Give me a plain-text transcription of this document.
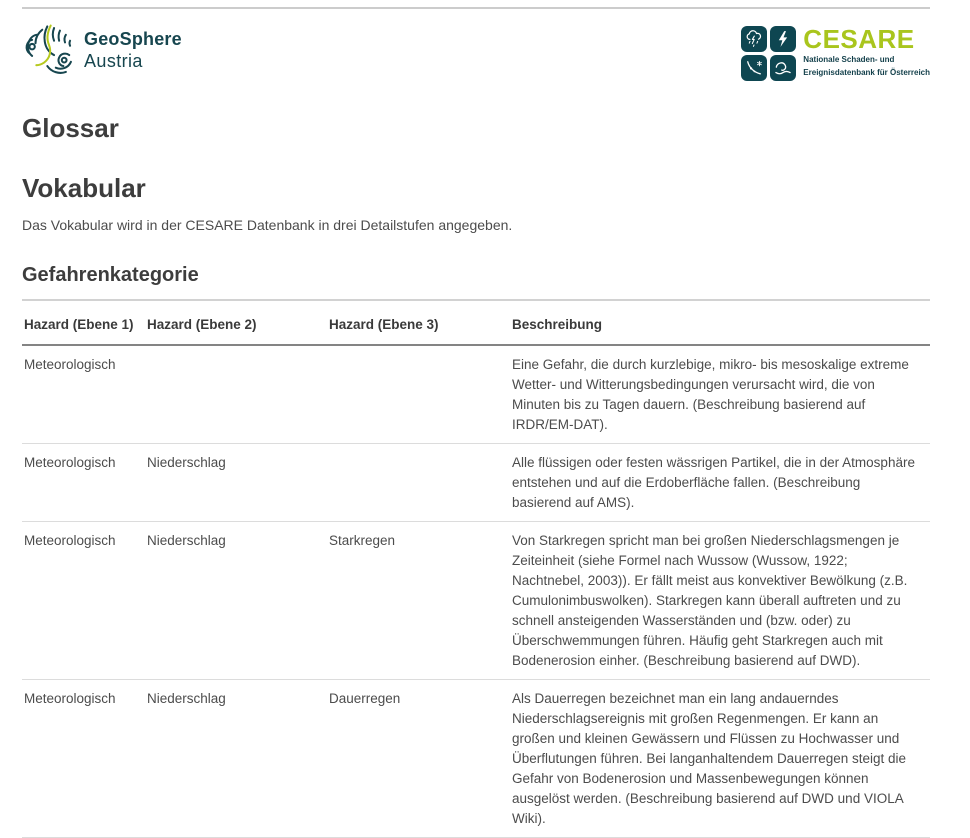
GeoSphere
Austria
CESARE
Nationale Schaden- und
Ereignisdatenbank für Österreich
Glossar
Vokabular

Das Vokabular wird in der CESARE Datenbank in drei Detailstufen angegeben.

Gefahrenkategorie
Hazard (Ebene 1)	Hazard (Ebene 2)	Hazard (Ebene 3)	Beschreibung
Meteorologisch			Eine Gefahr, die durch kurzlebige, mikro- bis mesoskalige extreme Wetter- und Witterungsbedingungen verursacht wird, die von Minuten bis zu Tagen dauern. (Beschreibung basierend auf IRDR/EM-DAT).
Meteorologisch	Niederschlag		Alle flüssigen oder festen wässrigen Partikel, die in der Atmosphäre entstehen und auf die Erdoberfläche fallen. (Beschreibung basierend auf AMS).
Meteorologisch	Niederschlag	Starkregen	Von Starkregen spricht man bei großen Niederschlagsmengen je Zeiteinheit (siehe Formel nach Wussow (Wussow, 1922; Nachtnebel, 2003)). Er fällt meist aus konvektiver Bewölkung (z.B. Cumulonimbuswolken). Starkregen kann überall auftreten und zu schnell ansteigenden Wasserständen und (bzw. oder) zu Überschwemmungen führen. Häufig geht Starkregen auch mit Bodenerosion einher. (Beschreibung basierend auf DWD).
Meteorologisch	Niederschlag	Dauerregen	Als Dauerregen bezeichnet man ein lang andauerndes Niederschlagsereignis mit großen Regenmengen. Er kann an großen und kleinen Gewässern und Flüssen zu Hochwasser und Überflutungen führen. Bei langanhaltendem Dauerregen steigt die Gefahr von Bodenerosion und Massenbewegungen können ausgelöst werden. (Beschreibung basierend auf DWD und VIOLA Wiki).
